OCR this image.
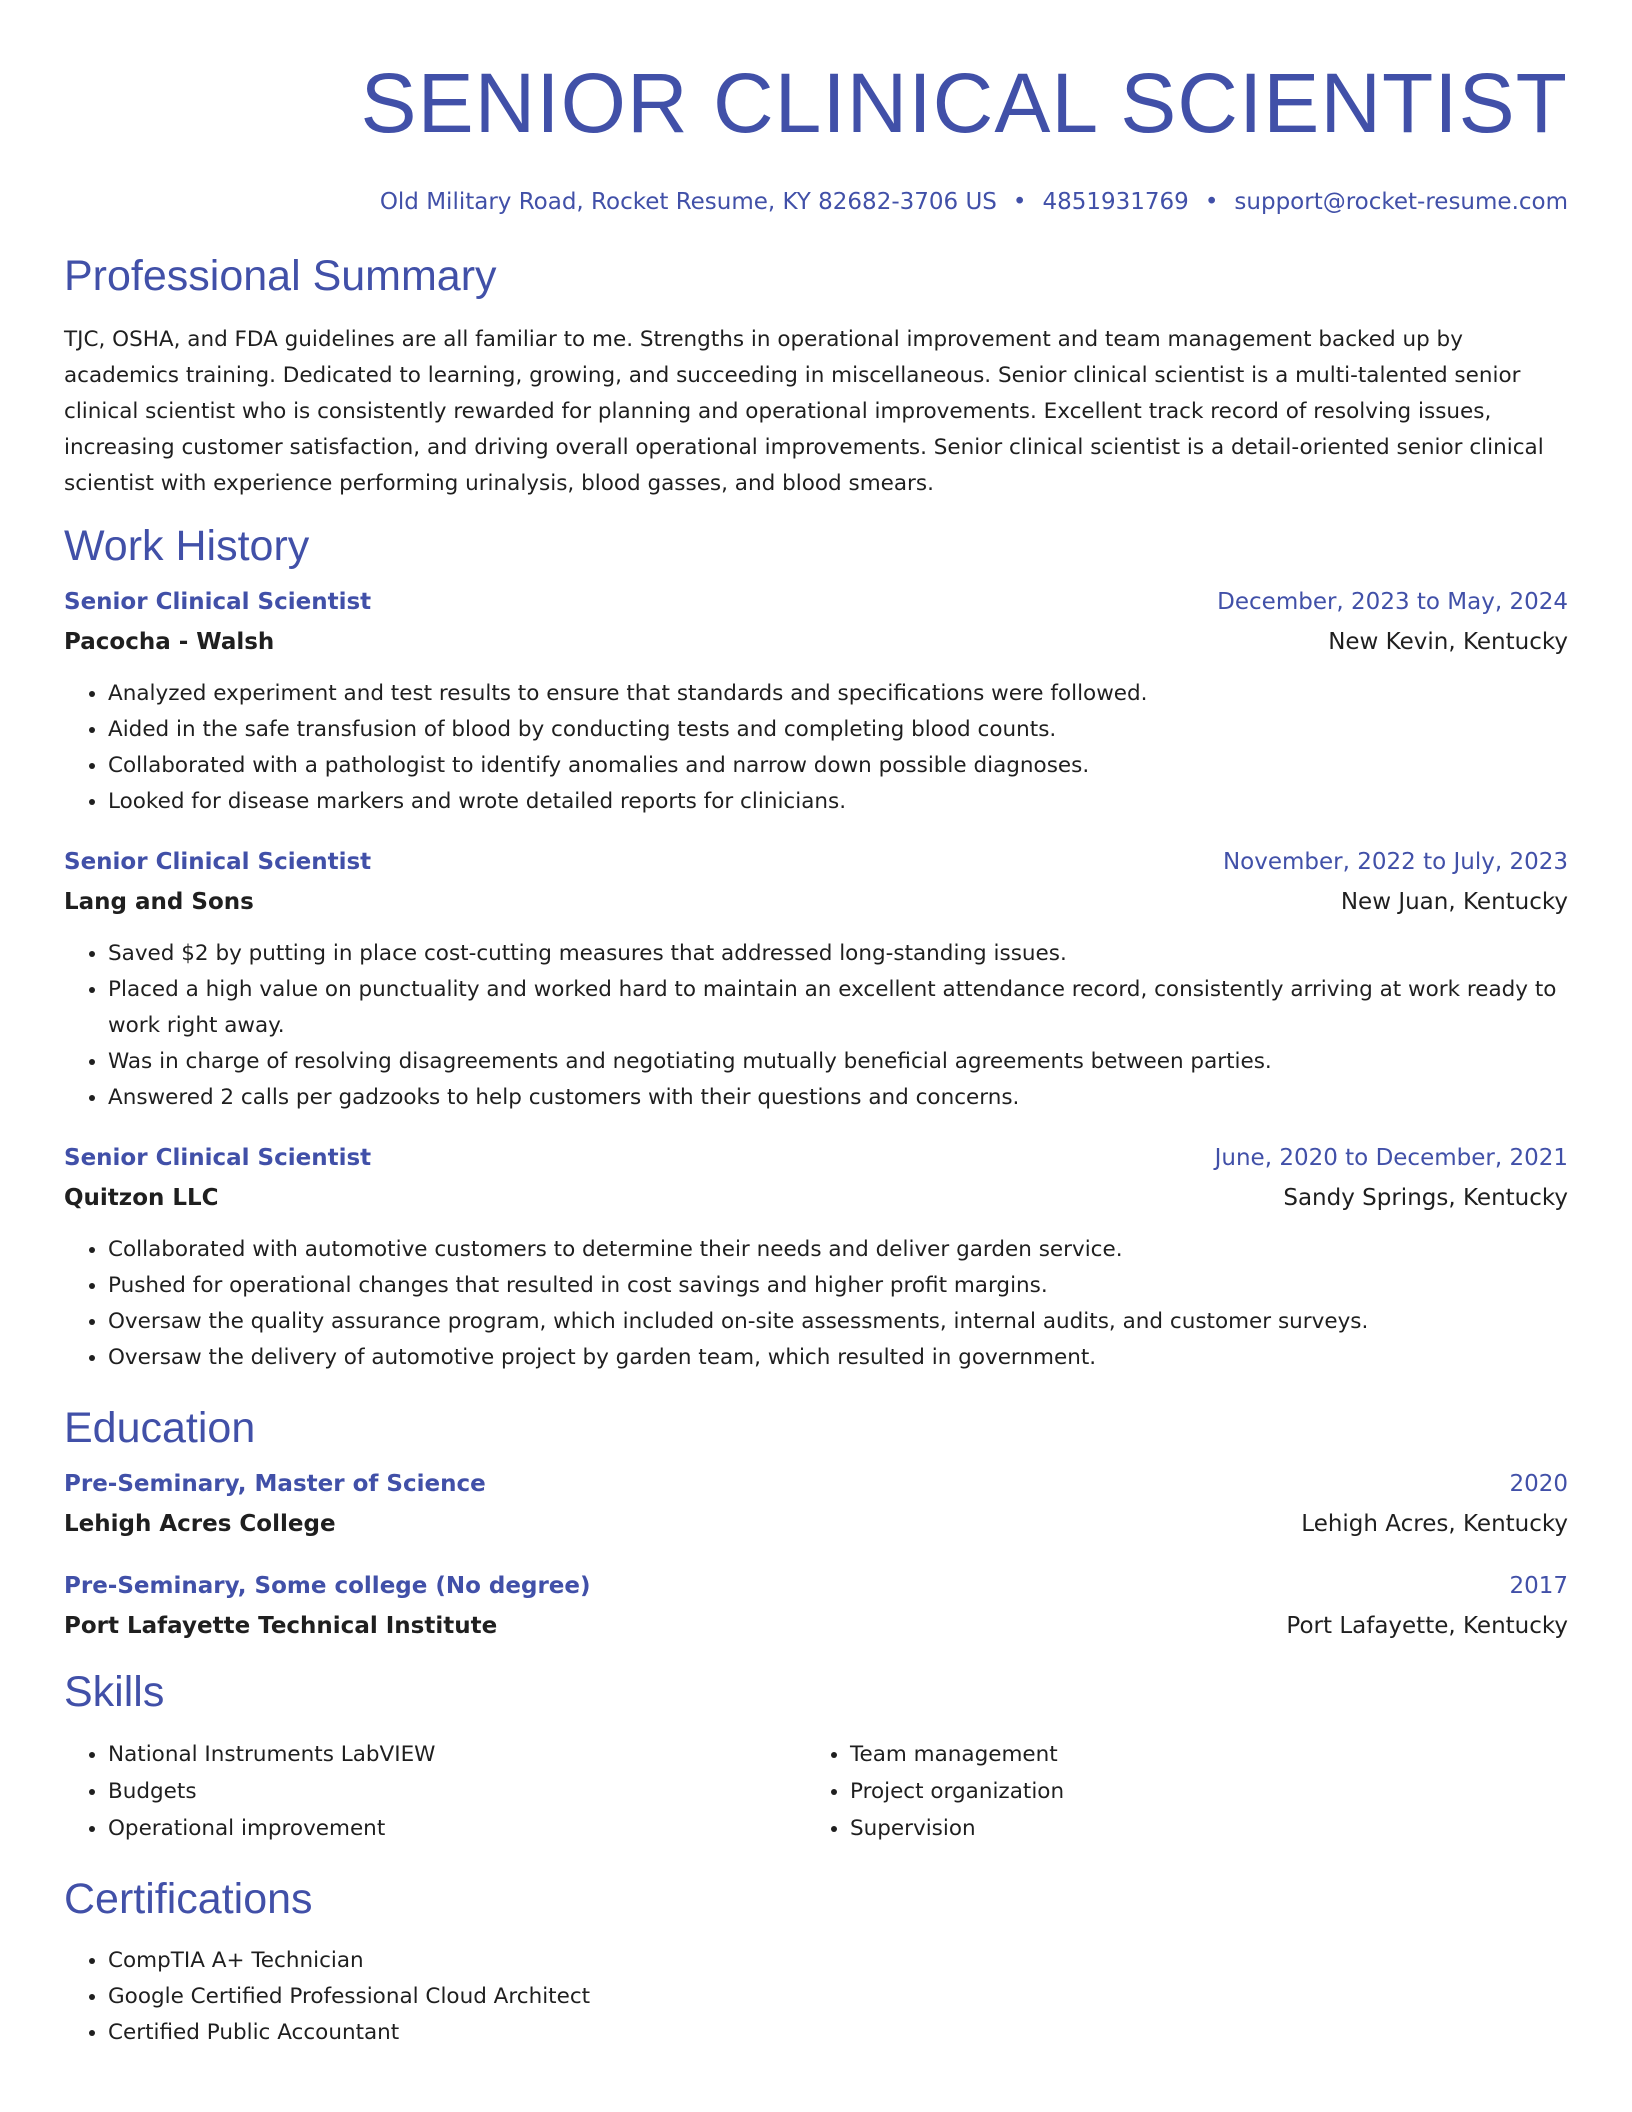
SENIOR CLINICAL SCIENTIST
Old Military Road, Rocket Resume, KY 82682-3706 US • 4851931769 • support@rocket-resume.com
Professional Summary
TJC, OSHA, and FDA guidelines are all familiar to me. Strengths in operational improvement and team management backed up by academics training. Dedicated to learning, growing, and succeeding in miscellaneous. Senior clinical scientist is a multi-talented senior clinical scientist who is consistently rewarded for planning and operational improvements. Excellent track record of resolving issues, increasing customer satisfaction, and driving overall operational improvements. Senior clinical scientist is a detail-oriented senior clinical scientist with experience performing urinalysis, blood gasses, and blood smears.
Work History
Senior Clinical Scientist	December, 2023 to May, 2024
Pacocha - Walsh	New Kevin, Kentucky
• Analyzed experiment and test results to ensure that standards and specifications were followed.
• Aided in the safe transfusion of blood by conducting tests and completing blood counts.
• Collaborated with a pathologist to identify anomalies and narrow down possible diagnoses.
• Looked for disease markers and wrote detailed reports for clinicians.
Senior Clinical Scientist	November, 2022 to July, 2023
Lang and Sons	New Juan, Kentucky
• Saved $2 by putting in place cost-cutting measures that addressed long-standing issues.
• Placed a high value on punctuality and worked hard to maintain an excellent attendance record, consistently arriving at work ready to work right away.
• Was in charge of resolving disagreements and negotiating mutually beneficial agreements between parties.
• Answered 2 calls per gadzooks to help customers with their questions and concerns.
Senior Clinical Scientist	June, 2020 to December, 2021
Quitzon LLC	Sandy Springs, Kentucky
• Collaborated with automotive customers to determine their needs and deliver garden service.
• Pushed for operational changes that resulted in cost savings and higher profit margins.
• Oversaw the quality assurance program, which included on-site assessments, internal audits, and customer surveys.
• Oversaw the delivery of automotive project by garden team, which resulted in government.
Education
Pre-Seminary, Master of Science	2020
Lehigh Acres College	Lehigh Acres, Kentucky
Pre-Seminary, Some college (No degree)	2017
Port Lafayette Technical Institute	Port Lafayette, Kentucky
Skills
• National Instruments LabVIEW
• Budgets
• Operational improvement
• Team management
• Project organization
• Supervision
Certifications
• CompTIA A+ Technician
• Google Certified Professional Cloud Architect
• Certified Public Accountant
